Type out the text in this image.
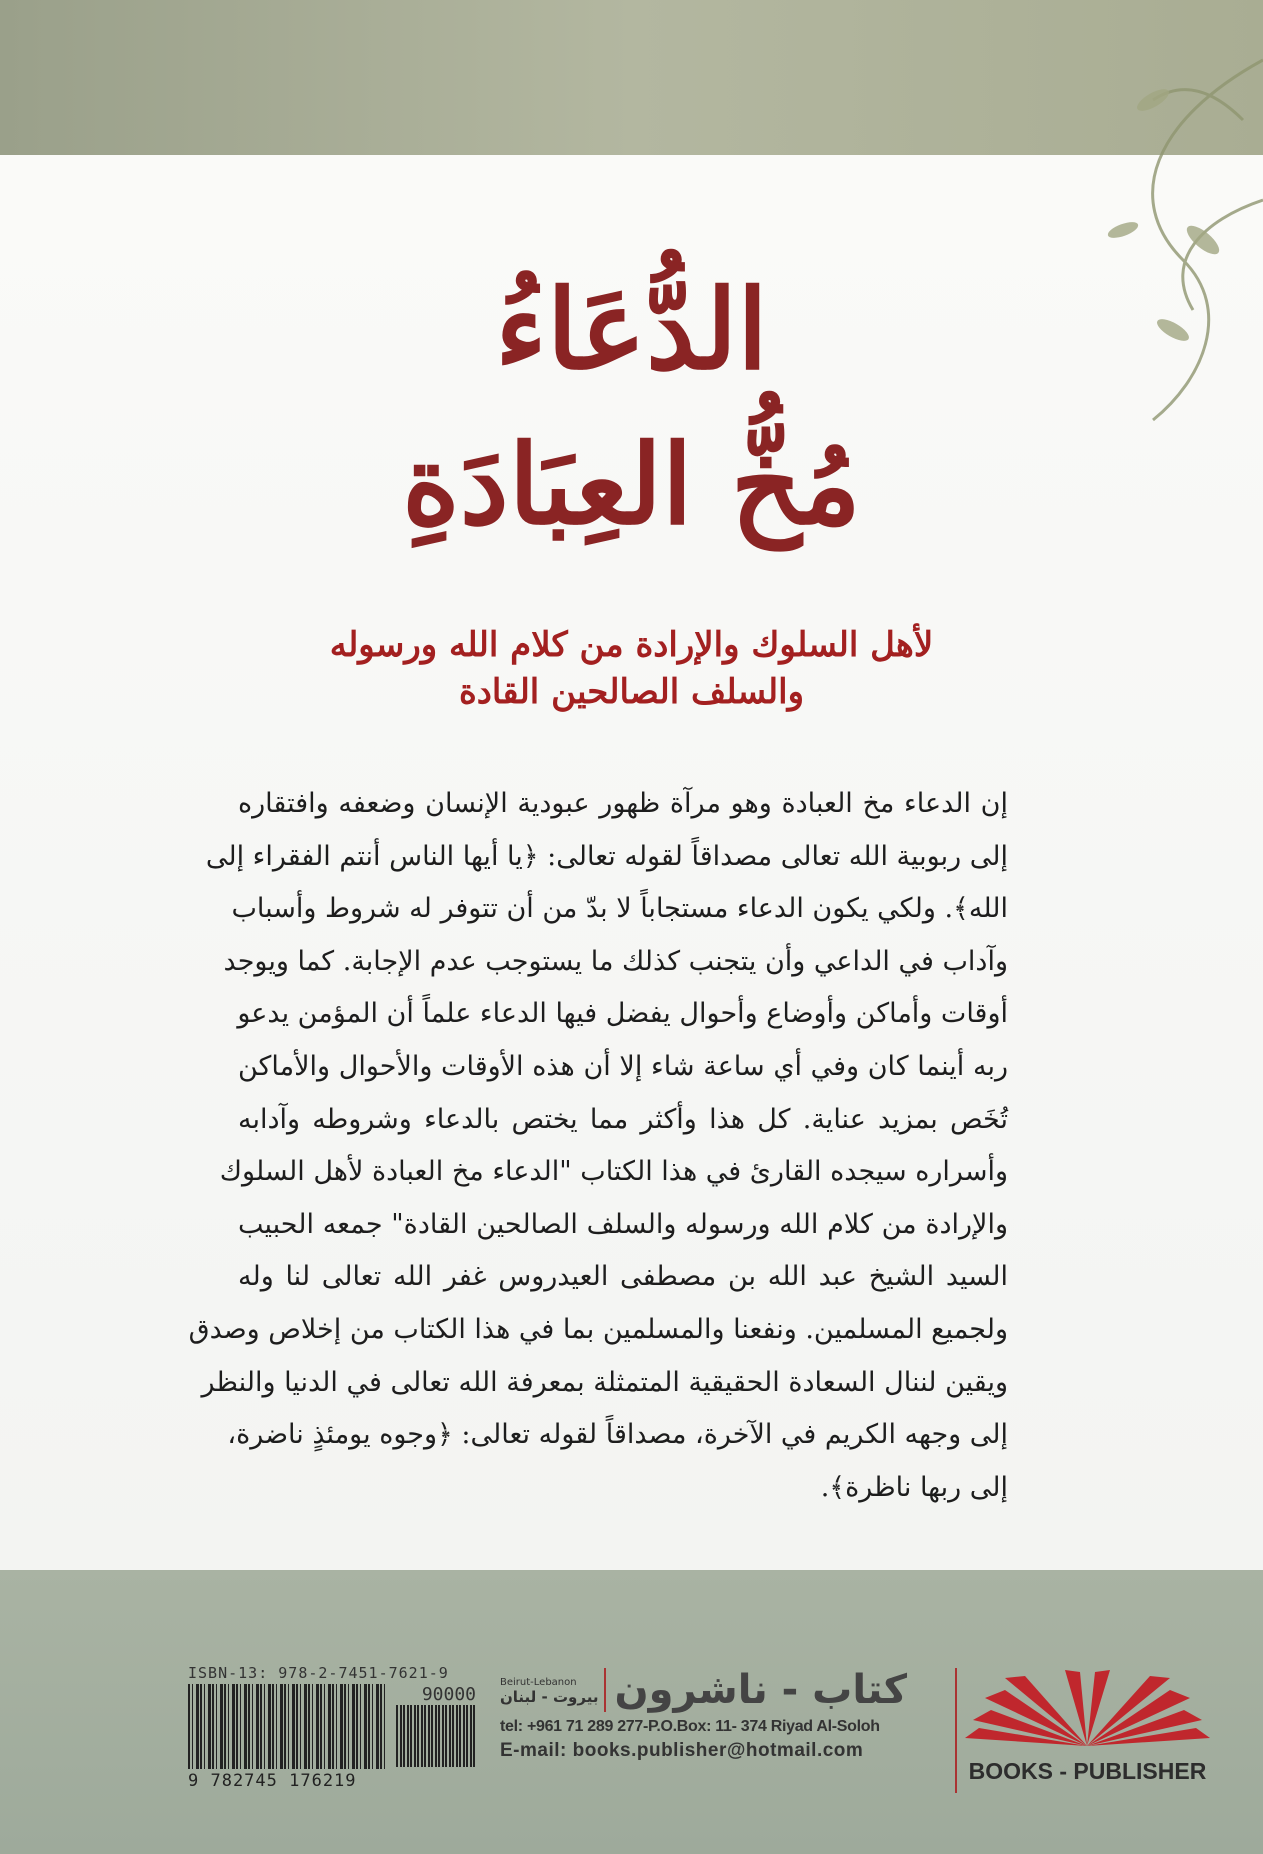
الدُّعَاءُ
مُخُّ العِبَادَةِ
لأهل السلوك والإرادة من كلام الله ورسوله
والسلف الصالحين القادة
إن الدعاء مخ العبادة وهو مرآة ظهور عبودية الإنسان وضعفه وافتقاره
إلى ربوبية الله تعالى مصداقاً لقوله تعالى: ﴿يا أيها الناس أنتم الفقراء إلى
الله﴾. ولكي يكون الدعاء مستجاباً لا بدّ من أن تتوفر له شروط وأسباب
وآداب في الداعي وأن يتجنب كذلك ما يستوجب عدم الإجابة. كما ويوجد
أوقات وأماكن وأوضاع وأحوال يفضل فيها الدعاء علماً أن المؤمن يدعو
ربه أينما كان وفي أي ساعة شاء إلا أن هذه الأوقات والأحوال والأماكن
تُخَص بمزيد عناية. كل هذا وأكثر مما يختص بالدعاء وشروطه وآدابه
وأسراره سيجده القارئ في هذا الكتاب "الدعاء مخ العبادة لأهل السلوك
والإرادة من كلام الله ورسوله والسلف الصالحين القادة" جمعه الحبيب
السيد الشيخ عبد الله بن مصطفى العيدروس غفر الله تعالى لنا وله
ولجميع المسلمين. ونفعنا والمسلمين بما في هذا الكتاب من إخلاص وصدق
ويقين لننال السعادة الحقيقية المتمثلة بمعرفة الله تعالى في الدنيا والنظر
إلى وجهه الكريم في الآخرة، مصداقاً لقوله تعالى: ﴿وجوه يومئذٍ ناضرة،
إلى ربها ناظرة﴾.
ISBN-13: 978-2-7451-7621-9
9 782745 176219
90000
Beirut-Lebanon
بيروت - لبنان كتاب - ناشرون
tel: +961 71 289 277-P.O.Box: 11- 374 Riyad Al-Soloh
E-mail: books.publisher@hotmail.com
BOOKS - PUBLISHER
